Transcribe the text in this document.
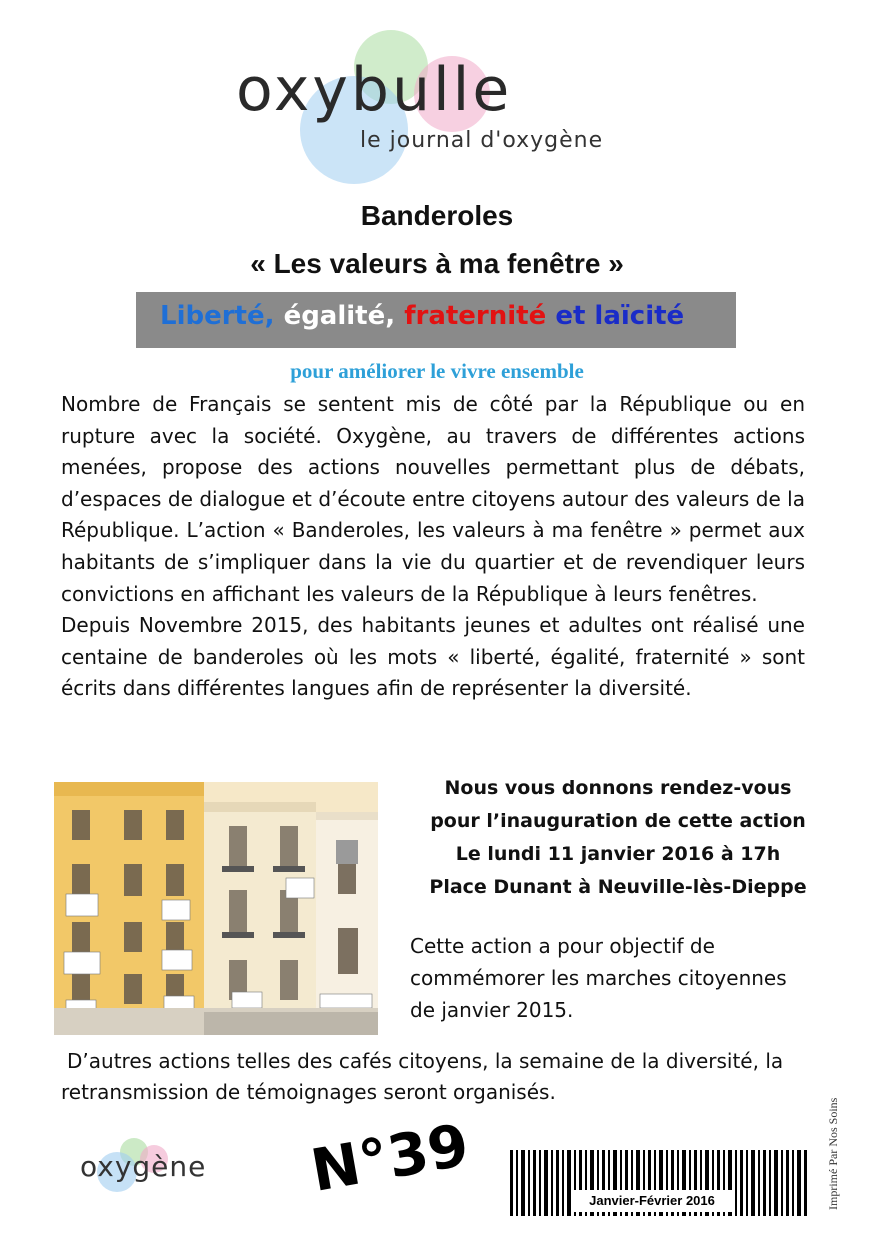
oxybulle
le journal d'oxygène
Banderoles
« Les valeurs à ma fenêtre »
Liberté, égalité, fraternité et laïcité
pour améliorer le vivre ensemble

Nombre de Français se sentent mis de côté par la République ou en rupture avec la société. Oxygène, au travers de différentes actions menées, propose des actions nouvelles permettant plus de débats, d’espaces de dialogue et d’écoute entre citoyens autour des valeurs de la République. L’action « Banderoles, les valeurs à ma fenêtre » permet aux habitants de s’impliquer dans la vie du quartier et de revendiquer leurs convictions en affichant les valeurs de la République à leurs fenêtres.

Depuis Novembre 2015, des habitants jeunes et adultes ont réalisé une centaine de banderoles où les mots « liberté, égalité, fraternité » sont écrits dans différentes langues afin de représenter la diversité.

Nous vous donnons rendez-vous
pour l’inauguration de cette action
Le lundi 11 janvier 2016 à 17h
Place Dunant à Neuville-lès-Dieppe
Cette action a pour objectif de commémorer les marches citoyennes de janvier 2015.
D’autres actions telles des cafés citoyens, la semaine de la diversité, la retransmission de témoignages seront organisés.
oxygène N°39	Janvier-Février 2016	Imprimé Par Nos Soins
